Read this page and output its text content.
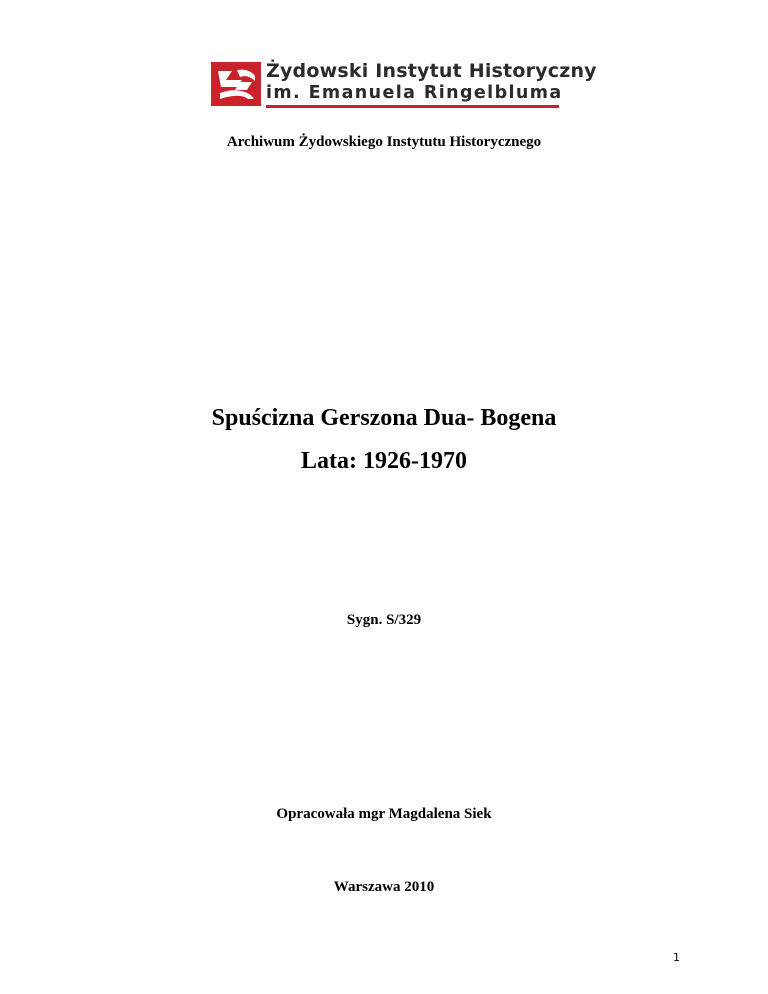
Żydowski Instytut Historyczny
im. Emanuela Ringelbluma
Archiwum Żydowskiego Instytutu Historycznego
Spuścizna Gerszona Dua- Bogena
Lata: 1926-1970
Sygn. S/329
Opracowała mgr Magdalena Siek
Warszawa 2010
1
